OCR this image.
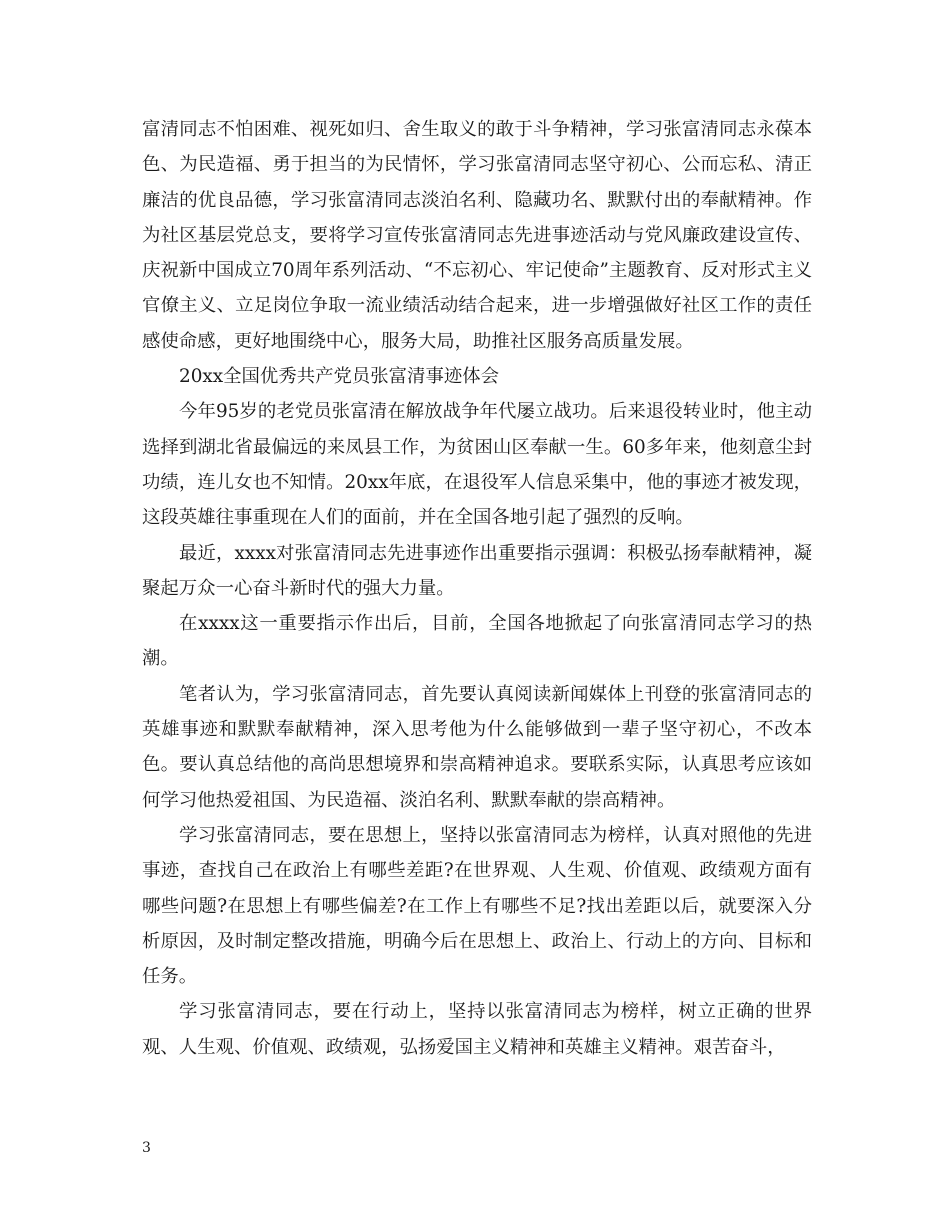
富清同志不怕困难、视死如归、舍生取义的敢于斗争精神，学习张富清同志永葆本色、为民造福、勇于担当的为民情怀，学习张富清同志坚守初心、公而忘私、清正廉洁的优良品德，学习张富清同志淡泊名利、隐藏功名、默默付出的奉献精神。作为社区基层党总支，要将学习宣传张富清同志先进事迹活动与党风廉政建设宣传、庆祝新中国成立70周年系列活动、“不忘初心、牢记使命”主题教育、反对形式主义官僚主义、立足岗位争取一流业绩活动结合起来，进一步增强做好社区工作的责任感使命感，更好地围绕中心，服务大局，助推社区服务高质量发展。

20xx全国优秀共产党员张富清事迹体会

今年95岁的老党员张富清在解放战争年代屡立战功。后来退役转业时，他主动选择到湖北省最偏远的来凤县工作，为贫困山区奉献一生。60多年来，他刻意尘封功绩，连儿女也不知情。20xx年底，在退役军人信息采集中，他的事迹才被发现，这段英雄往事重现在人们的面前，并在全国各地引起了强烈的反响。

最近，xxxx对张富清同志先进事迹作出重要指示强调：积极弘扬奉献精神，凝聚起万众一心奋斗新时代的强大力量。

在xxxx这一重要指示作出后，目前，全国各地掀起了向张富清同志学习的热潮。

笔者认为，学习张富清同志，首先要认真阅读新闻媒体上刊登的张富清同志的英雄事迹和默默奉献精神，深入思考他为什么能够做到一辈子坚守初心，不改本色。要认真总结他的高尚思想境界和崇高精神追求。要联系实际，认真思考应该如何学习他热爱祖国、为民造福、淡泊名利、默默奉献的崇高精神。

学习张富清同志，要在思想上，坚持以张富清同志为榜样，认真对照他的先进事迹，查找自己在政治上有哪些差距?在世界观、人生观、价值观、政绩观方面有哪些问题?在思想上有哪些偏差?在工作上有哪些不足?找出差距以后，就要深入分析原因，及时制定整改措施，明确今后在思想上、政治上、行动上的方向、目标和任务。

学习张富清同志，要在行动上，坚持以张富清同志为榜样，树立正确的世界观、人生观、价值观、政绩观，弘扬爱国主义精神和英雄主义精神。艰苦奋斗，

3
